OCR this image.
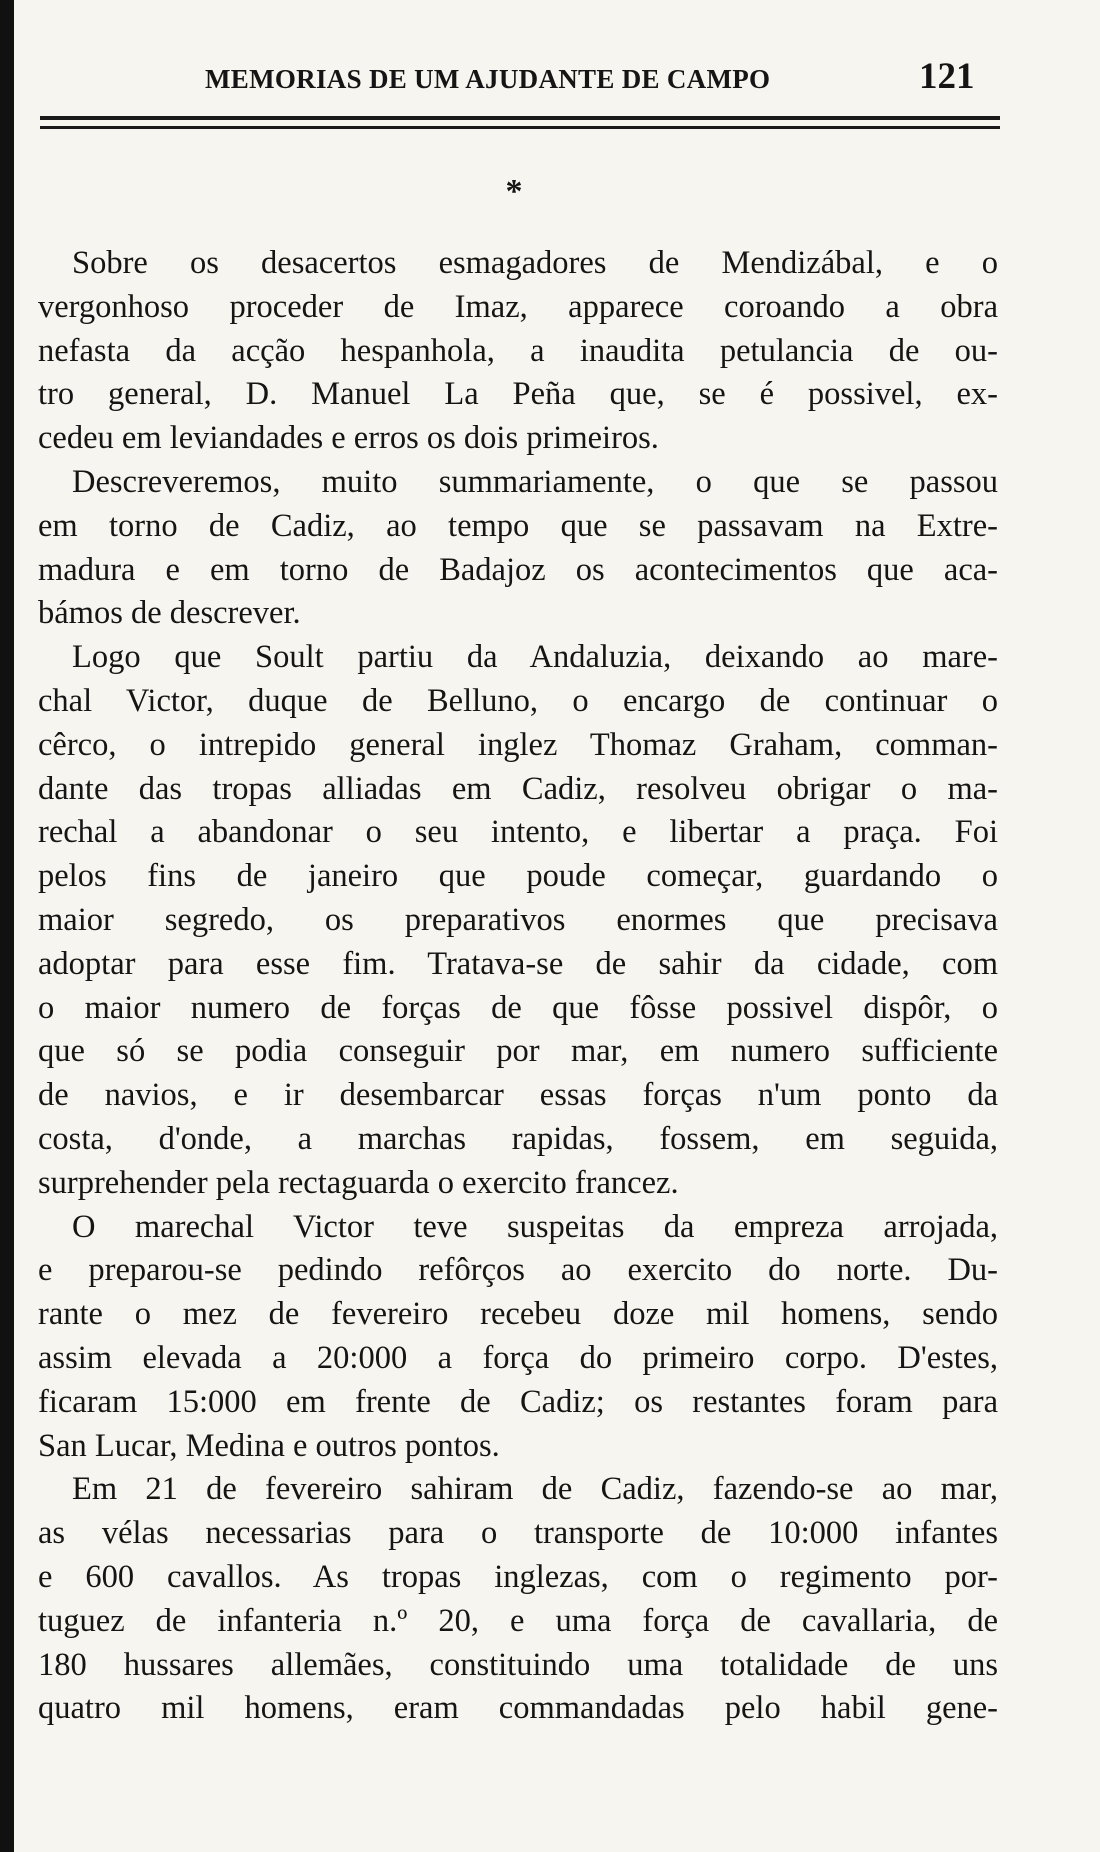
MEMORIAS DE UM AJUDANTE DE CAMPO	121
*
Sobre os desacertos esmagadores de Mendizábal, e o
vergonhoso proceder de Imaz, apparece coroando a obra
nefasta da acção hespanhola, a inaudita petulancia de ou-
tro general, D. Manuel La Peña que, se é possivel, ex-
cedeu em leviandades e erros os dois primeiros.
Descreveremos, muito summariamente, o que se passou
em torno de Cadiz, ao tempo que se passavam na Extre-
madura e em torno de Badajoz os acontecimentos que aca-
bámos de descrever.
Logo que Soult partiu da Andaluzia, deixando ao mare-
chal Victor, duque de Belluno, o encargo de continuar o
cêrco, o intrepido general inglez Thomaz Graham, comman-
dante das tropas alliadas em Cadiz, resolveu obrigar o ma-
rechal a abandonar o seu intento, e libertar a praça. Foi
pelos fins de janeiro que poude começar, guardando o
maior segredo, os preparativos enormes que precisava
adoptar para esse fim. Tratava-se de sahir da cidade, com
o maior numero de forças de que fôsse possivel dispôr, o
que só se podia conseguir por mar, em numero sufficiente
de navios, e ir desembarcar essas forças n'um ponto da
costa, d'onde, a marchas rapidas, fossem, em seguida,
surprehender pela rectaguarda o exercito francez.
O marechal Victor teve suspeitas da empreza arrojada,
e preparou-se pedindo refôrços ao exercito do norte. Du-
rante o mez de fevereiro recebeu doze mil homens, sendo
assim elevada a 20:000 a força do primeiro corpo. D'estes,
ficaram 15:000 em frente de Cadiz; os restantes foram para
San Lucar, Medina e outros pontos.
Em 21 de fevereiro sahiram de Cadiz, fazendo-se ao mar,
as vélas necessarias para o transporte de 10:000 infantes
e 600 cavallos. As tropas inglezas, com o regimento por-
tuguez de infanteria n.º 20, e uma força de cavallaria, de
180 hussares allemães, constituindo uma totalidade de uns
quatro mil homens, eram commandadas pelo habil gene-
